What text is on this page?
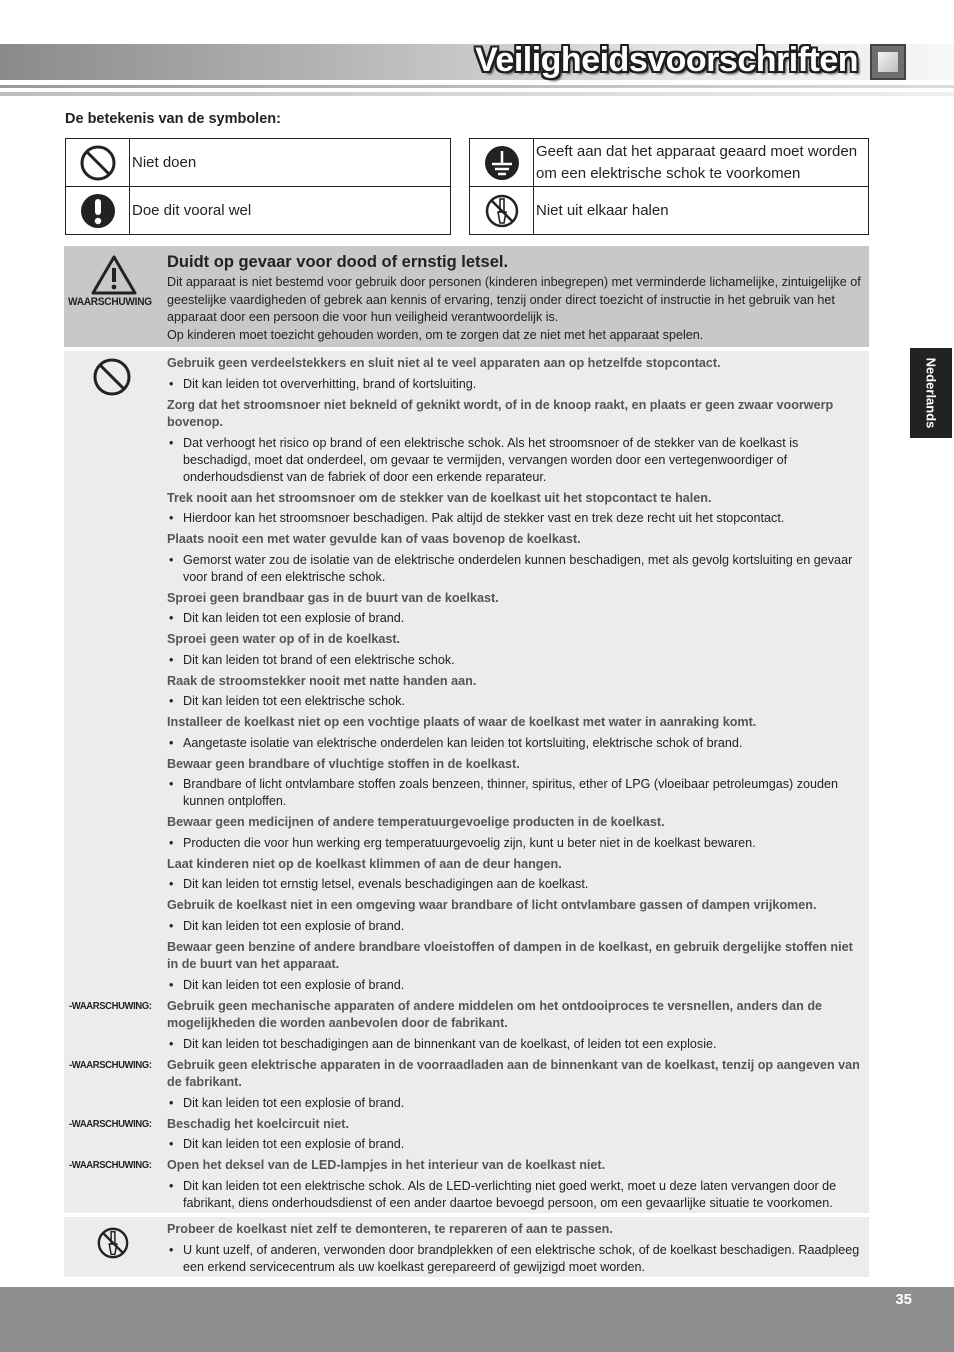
Veiligheidsvoorschriften
De betekenis van de symbolen:
Niet doen
Doe dit vooral wel
Geeft aan dat het apparaat geaard moet worden
om een elektrische schok te voorkomen
Niet uit elkaar halen
WAARSCHUWING
Duidt op gevaar voor dood of ernstig letsel.
Dit apparaat is niet bestemd voor gebruik door personen (kinderen inbegrepen) met verminderde lichamelijke, zintuigelijke of geestelijke vaardigheden of gebrek aan kennis of ervaring, tenzij onder direct toezicht of instructie in het gebruik van het apparaat door een persoon die voor hun veiligheid verantwoordelijk is.
Op kinderen moet toezicht gehouden worden, om te zorgen dat ze niet met het apparaat spelen.
Gebruik geen verdeelstekkers en sluit niet al te veel apparaten aan op hetzelfde stopcontact.
• Dit kan leiden tot oververhitting, brand of kortsluiting.
Zorg dat het stroomsnoer niet bekneld of geknikt wordt, of in de knoop raakt, en plaats er geen zwaar voorwerp bovenop.
• Dat verhoogt het risico op brand of een elektrische schok. Als het stroomsnoer of de stekker van de koelkast is beschadigd, moet dat onderdeel, om gevaar te vermijden, vervangen worden door een vertegenwoordiger of onderhoudsdienst van de fabriek of door een erkende reparateur.
Trek nooit aan het stroomsnoer om de stekker van de koelkast uit het stopcontact te halen.
• Hierdoor kan het stroomsnoer beschadigen. Pak altijd de stekker vast en trek deze recht uit het stopcontact.
Plaats nooit een met water gevulde kan of vaas bovenop de koelkast.
• Gemorst water zou de isolatie van de elektrische onderdelen kunnen beschadigen, met als gevolg kortsluiting en gevaar voor brand of een elektrische schok.
Sproei geen brandbaar gas in de buurt van de koelkast.
• Dit kan leiden tot een explosie of brand.
Sproei geen water op of in de koelkast.
• Dit kan leiden tot brand of een elektrische schok.
Raak de stroomstekker nooit met natte handen aan.
• Dit kan leiden tot een elektrische schok.
Installeer de koelkast niet op een vochtige plaats of waar de koelkast met water in aanraking komt.
• Aangetaste isolatie van elektrische onderdelen kan leiden tot kortsluiting, elektrische schok of brand.
Bewaar geen brandbare of vluchtige stoffen in de koelkast.
• Brandbare of licht ontvlambare stoffen zoals benzeen, thinner, spiritus, ether of LPG (vloeibaar petroleumgas) zouden kunnen ontploffen.
Bewaar geen medicijnen of andere temperatuurgevoelige producten in de koelkast.
• Producten die voor hun werking erg temperatuurgevoelig zijn, kunt u beter niet in de koelkast bewaren.
Laat kinderen niet op de koelkast klimmen of aan de deur hangen.
• Dit kan leiden tot ernstig letsel, evenals beschadigingen aan de koelkast.
Gebruik de koelkast niet in een omgeving waar brandbare of licht ontvlambare gassen of dampen vrijkomen.
• Dit kan leiden tot een explosie of brand.
Bewaar geen benzine of andere brandbare vloeistoffen of dampen in de koelkast, en gebruik dergelijke stoffen niet in de buurt van het apparaat.
• Dit kan leiden tot een explosie of brand.
-WAARSCHUWING: Gebruik geen mechanische apparaten of andere middelen om het ontdooiproces te versnellen, anders dan de mogelijkheden die worden aanbevolen door de fabrikant.
• Dit kan leiden tot beschadigingen aan de binnenkant van de koelkast, of leiden tot een explosie.
-WAARSCHUWING: Gebruik geen elektrische apparaten in de voorraadladen aan de binnenkant van de koelkast, tenzij op aangeven van de fabrikant.
• Dit kan leiden tot een explosie of brand.
-WAARSCHUWING: Beschadig het koelcircuit niet.
• Dit kan leiden tot een explosie of brand.
-WAARSCHUWING: Open het deksel van de LED-lampjes in het interieur van de koelkast niet.
• Dit kan leiden tot een elektrische schok. Als de LED-verlichting niet goed werkt, moet u deze laten vervangen door de fabrikant, diens onderhoudsdienst of een ander daartoe bevoegd persoon, om een gevaarlijke situatie te voorkomen.
Probeer de koelkast niet zelf te demonteren, te repareren of aan te passen.
• U kunt uzelf, of anderen, verwonden door brandplekken of een elektrische schok, of de koelkast beschadigen. Raadpleeg een erkend servicecentrum als uw koelkast gerepareerd of gewijzigd moet worden.
Nederlands
35
